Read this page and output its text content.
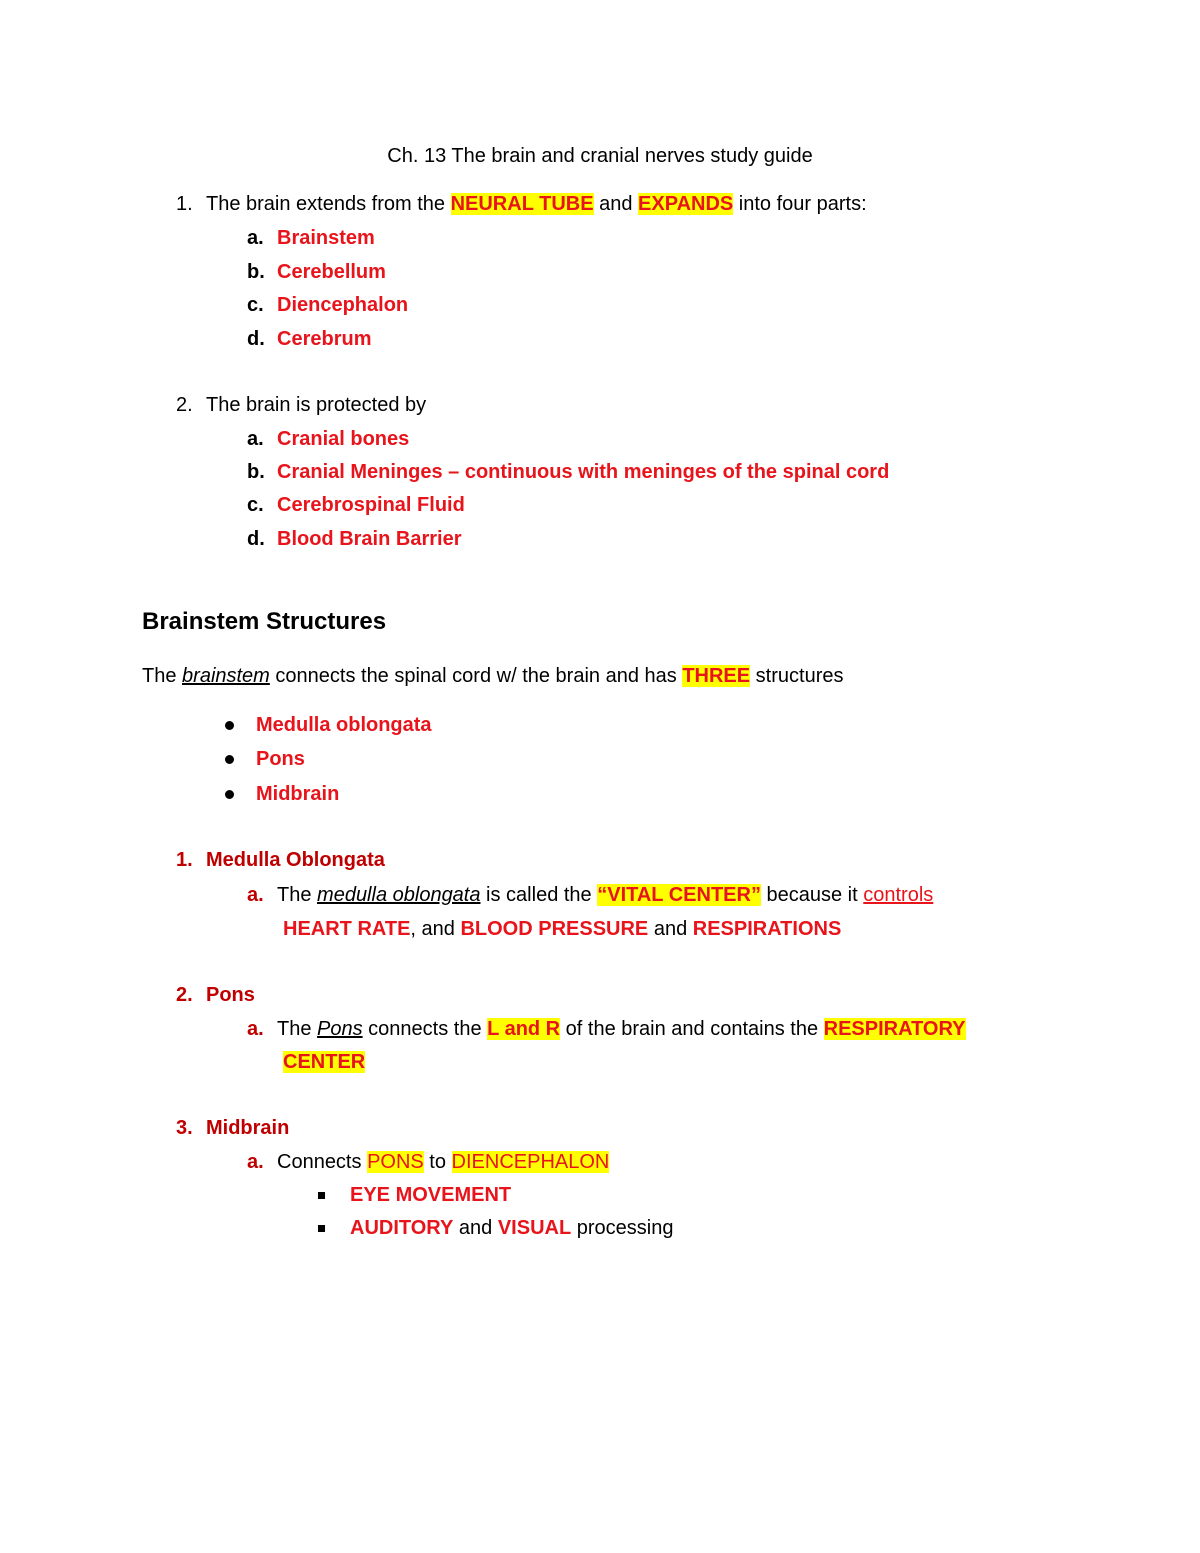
Ch. 13 The brain and cranial nerves study guide
1. The brain extends from the NEURAL TUBE and EXPANDS into four parts:
a. Brainstem
b. Cerebellum
c. Diencephalon
d. Cerebrum
2. The brain is protected by
a. Cranial bones
b. Cranial Meninges – continuous with meninges of the spinal cord
c. Cerebrospinal Fluid
d. Blood Brain Barrier
Brainstem Structures
The brainstem connects the spinal cord w/ the brain and has THREE structures
Medulla oblongata
Pons
Midbrain
1. Medulla Oblongata
a. The medulla oblongata is called the “VITAL CENTER” because it controls
HEART RATE, and BLOOD PRESSURE and RESPIRATIONS
2. Pons
a. The Pons connects the L and R of the brain and contains the RESPIRATORY
CENTER
3. Midbrain
a. Connects PONS to DIENCEPHALON
EYE MOVEMENT
AUDITORY and VISUAL processing
